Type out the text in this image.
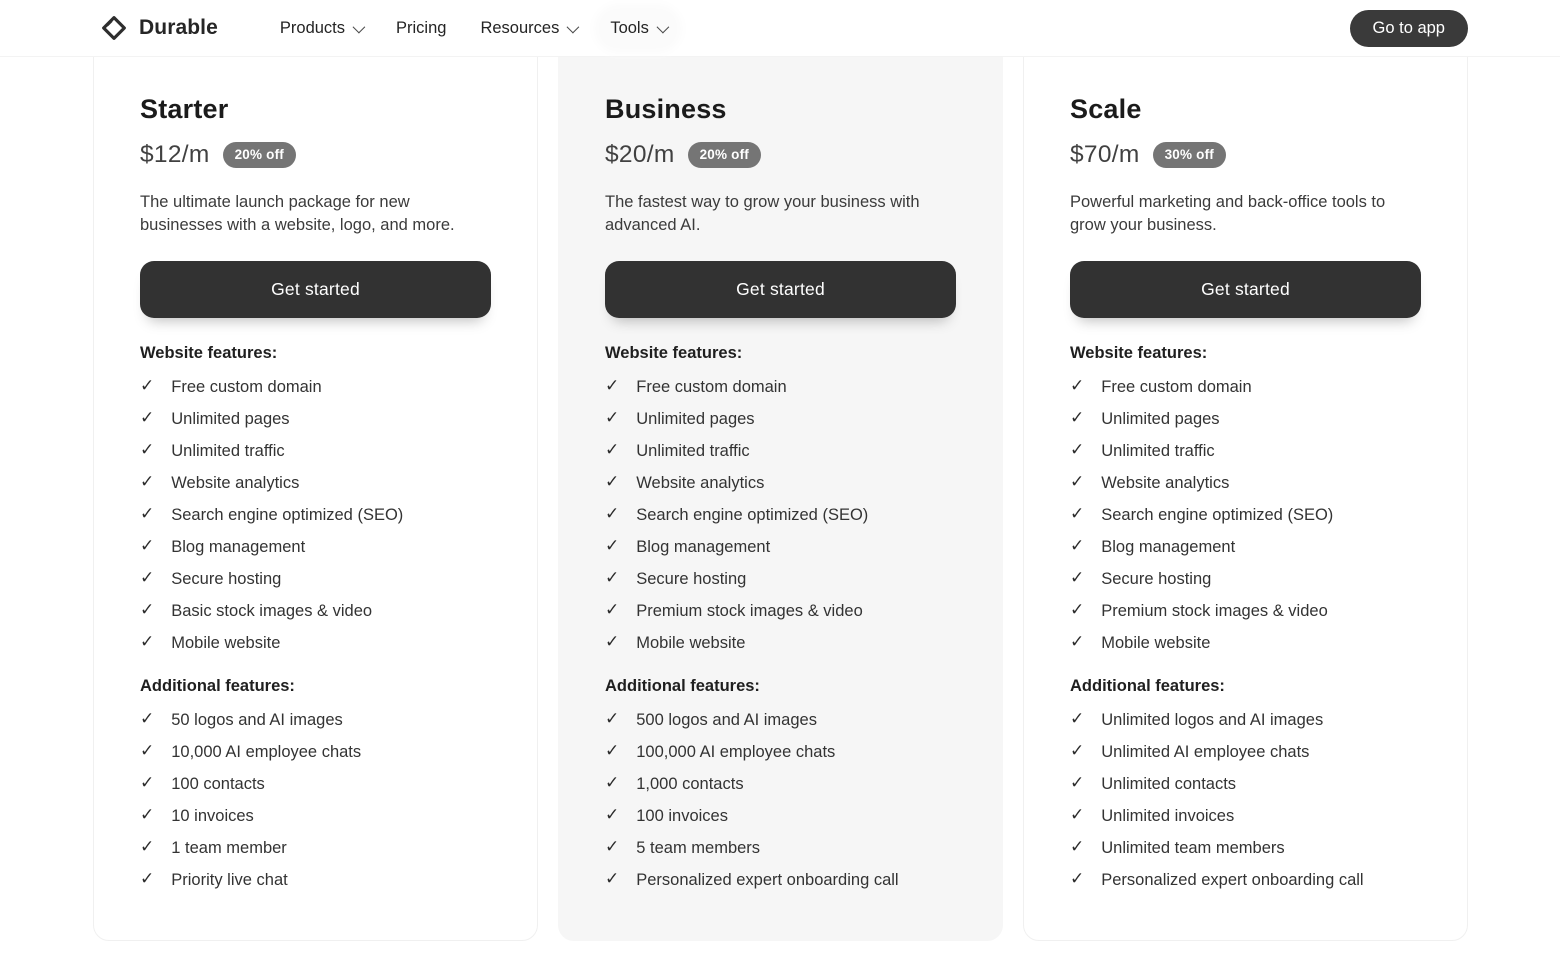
Durable	Products	Pricing Resources	Tools	Go to app
Starter
$12/m	20% off

The ultimate launch package for new businesses with a website, logo, and more.

Get started
Website features:
✓ Free custom domain
✓ Unlimited pages
✓ Unlimited traffic
✓ Website analytics
✓ Search engine optimized (SEO)
✓ Blog management
✓ Secure hosting
✓ Basic stock images & video
✓ Mobile website
Additional features:
✓ 50 logos and AI images
✓ 10,000 AI employee chats
✓ 100 contacts
✓ 10 invoices
✓ 1 team member
✓ Priority live chat
Business
$20/m	20% off

The fastest way to grow your business with advanced AI.

Get started
Website features:
✓ Free custom domain
✓ Unlimited pages
✓ Unlimited traffic
✓ Website analytics
✓ Search engine optimized (SEO)
✓ Blog management
✓ Secure hosting
✓ Premium stock images & video
✓ Mobile website
Additional features:
✓ 500 logos and AI images
✓ 100,000 AI employee chats
✓ 1,000 contacts
✓ 100 invoices
✓ 5 team members
✓ Personalized expert onboarding call
Scale
$70/m	30% off

Powerful marketing and back-office tools to grow your business.

Get started
Website features:
✓ Free custom domain
✓ Unlimited pages
✓ Unlimited traffic
✓ Website analytics
✓ Search engine optimized (SEO)
✓ Blog management
✓ Secure hosting
✓ Premium stock images & video
✓ Mobile website
Additional features:
✓ Unlimited logos and AI images
✓ Unlimited AI employee chats
✓ Unlimited contacts
✓ Unlimited invoices
✓ Unlimited team members
✓ Personalized expert onboarding call
